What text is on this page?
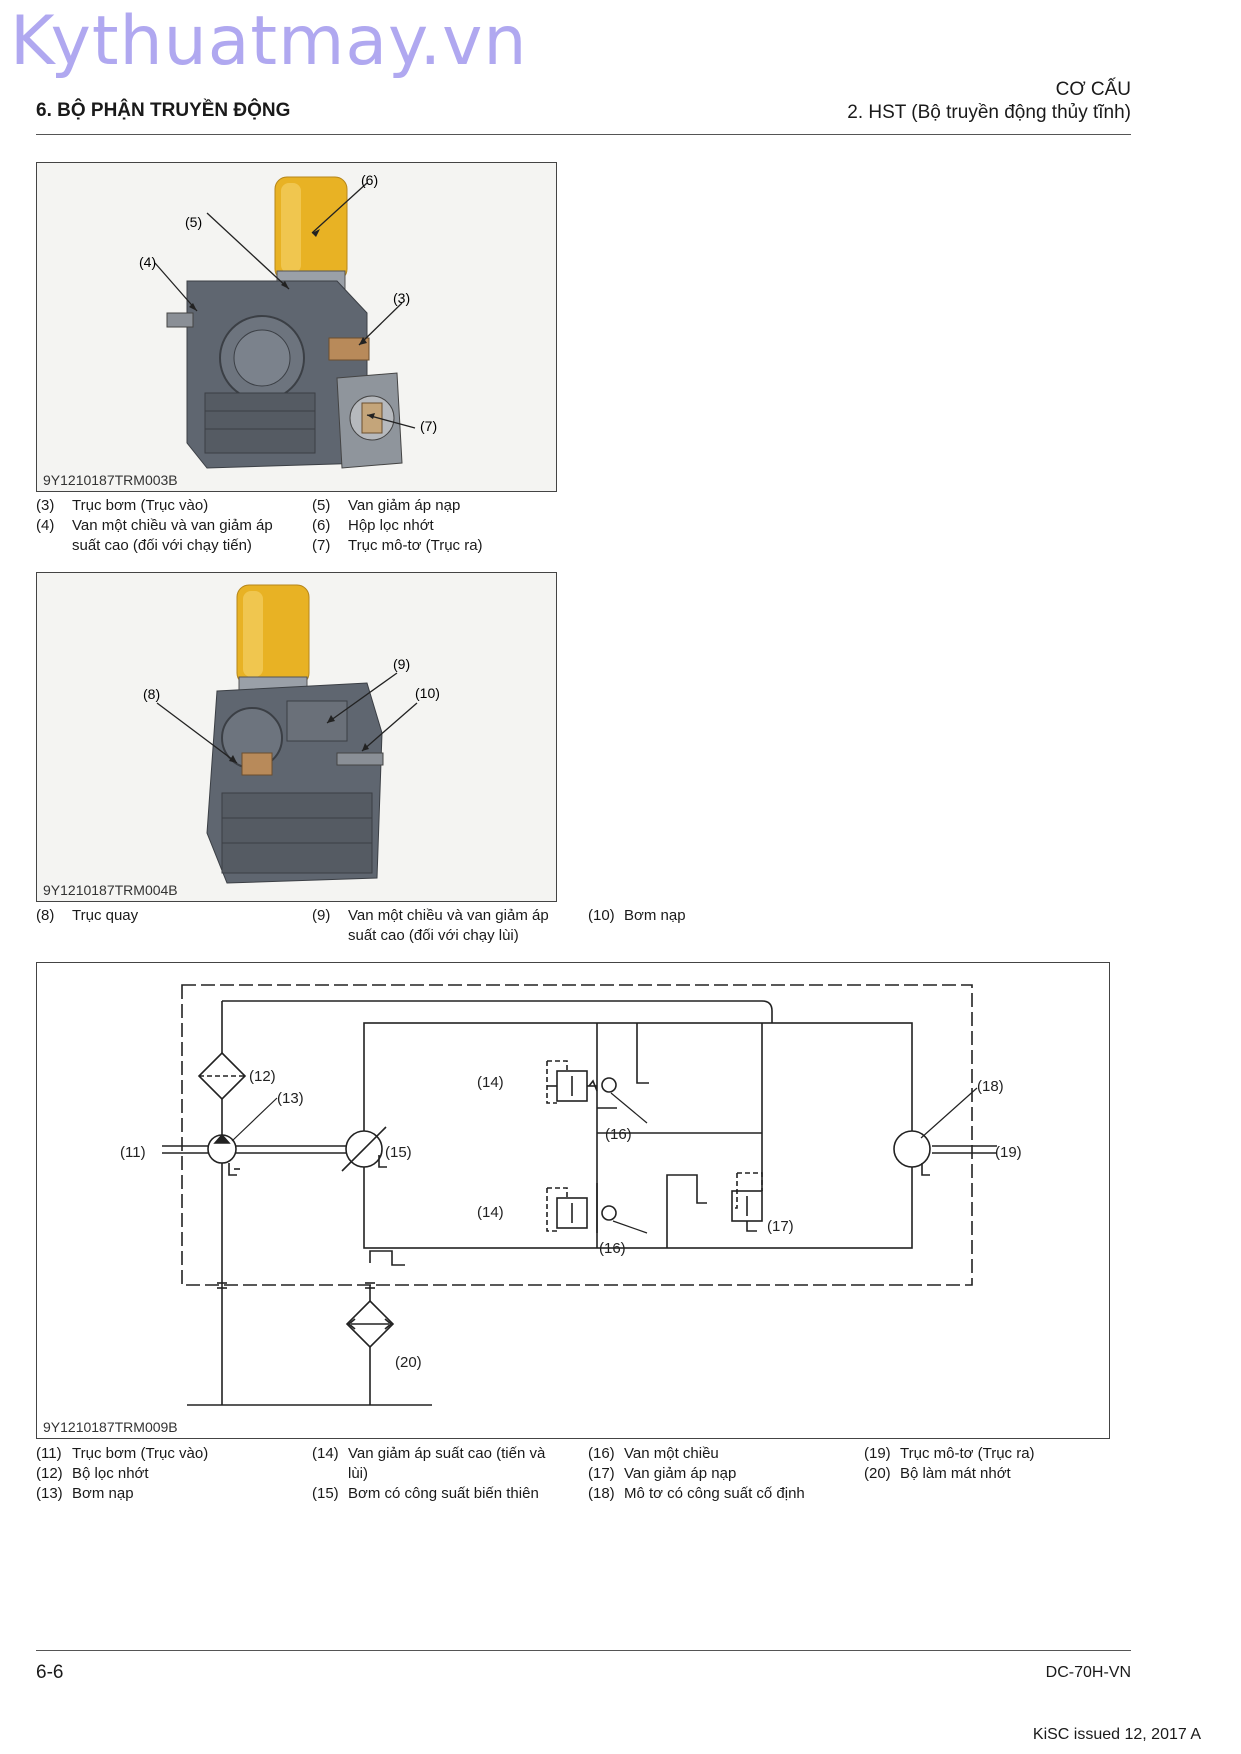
Kythuatmay.vn
6. BỘ PHẬN TRUYỀN ĐỘNG
CƠ CẤU
2. HST (Bộ truyền động thủy tĩnh)
(6)
(5)
(4)
(3)
(7)
9Y1210187TRM003B
(3) Trục bơm (Trục vào)
(4) Van một chiều và van giảm áp
suất cao (đối với chạy tiến)
(5) Van giảm áp nạp
(6) Hộp lọc nhớt
(7) Trục mô-tơ (Trục ra)
(9)
(8)	(10)
9Y1210187TRM004B
(8) Trục quay	(9) Van một chiều và van giảm áp
suất cao (đối với chạy lùi)
(10) Bơm nạp
(11)
(12)
(13)
(14)
(15)
(16)
(14)
(16)
(17)
(18)
(19)
(20)
9Y1210187TRM009B
(11) Trục bơm (Trục vào)
(12) Bộ lọc nhớt
(13) Bơm nạp
(14) Van giảm áp suất cao (tiến và
lùi)
(15) Bơm có công suất biến thiên
(16) Van một chiều
(17) Van giảm áp nạp
(18) Mô tơ có công suất cố định
(19) Trục mô-tơ (Trục ra)
(20) Bộ làm mát nhớt
6-6	DC-70H-VN
KiSC issued 12, 2017 A
